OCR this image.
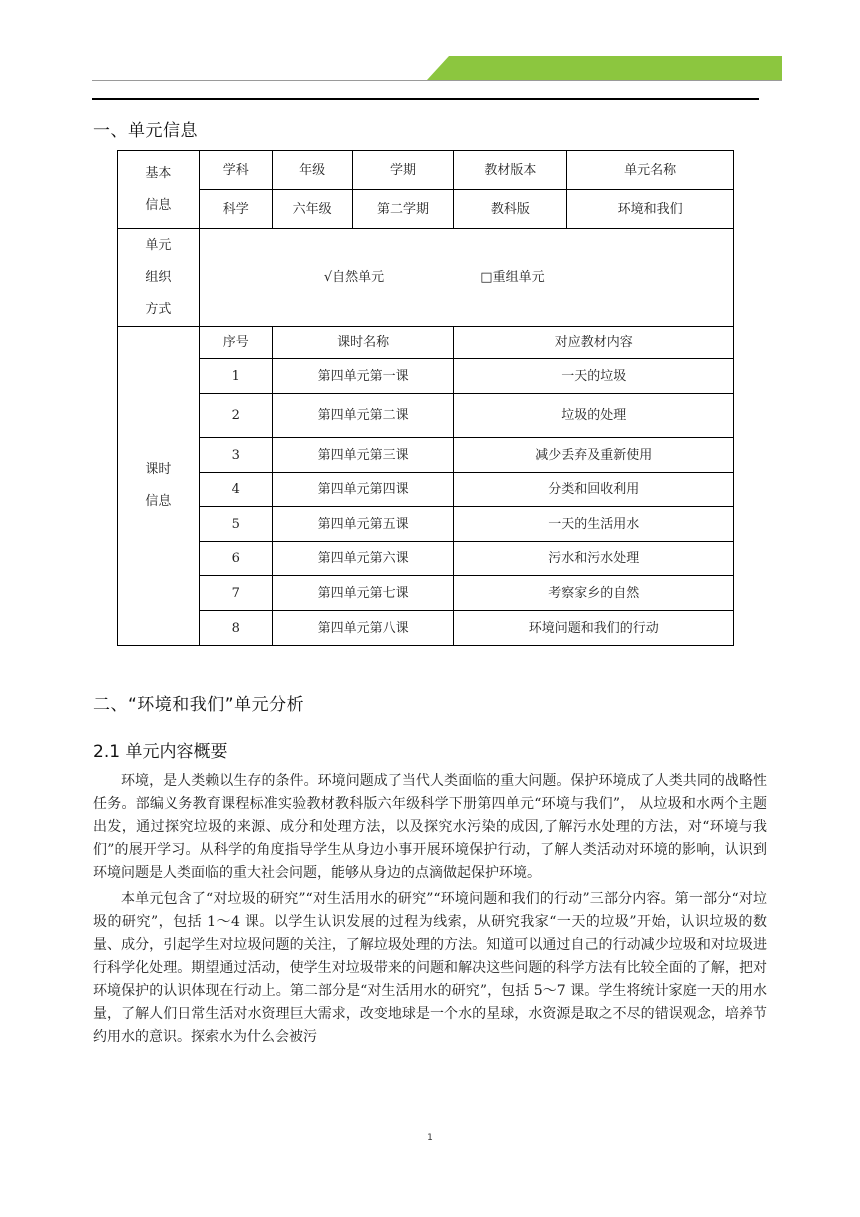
一、单元信息
基本
信息	学科	年级	学期	教材版本	单元名称
	科学	六年级	第二学期	教科版	环境和我们

单元
组织
方式	√自然单元 □重组单元				

课时
信息	序号	课时名称		对应教材内容	
	1	第四单元第一课		一天的垃圾	
	2	第四单元第二课		垃圾的处理	
	3	第四单元第三课		减少丢弃及重新使用	
	4	第四单元第四课		分类和回收利用	
	5	第四单元第五课		一天的生活用水	
	6	第四单元第六课		污水和污水处理	
	7	第四单元第七课		考察家乡的自然	
	8	第四单元第八课		环境问题和我们的行动	
二、“环境和我们”单元分析
2.1 单元内容概要

环境，是人类赖以生存的条件。环境问题成了当代人类面临的重大问题。保护环境成了人类共同的战略性任务。部编义务教育课程标准实验教材教科版六年级科学下册第四单元“环境与我们”， 从垃圾和水两个主题出发，通过探究垃圾的来源、成分和处理方法，以及探究水污染的成因,了解污水处理的方法，对“环境与我们”的展开学习。从科学的角度指导学生从身边小事开展环境保护行动，了解人类活动对环境的影响，认识到环境问题是人类面临的重大社会问题，能够从身边的点滴做起保护环境。

本单元包含了“对垃圾的研究”“对生活用水的研究”“环境问题和我们的行动”三部分内容。第一部分“对垃圾的研究”，包括 1～4 课。以学生认识发展的过程为线索，从研究我家“一天的垃圾”开始，认识垃圾的数量、成分，引起学生对垃圾问题的关注，了解垃圾处理的方法。知道可以通过自己的行动减少垃圾和对垃圾进行科学化处理。期望通过活动，使学生对垃圾带来的问题和解决这些问题的科学方法有比较全面的了解，把对环境保护的认识体现在行动上。第二部分是“对生活用水的研究”，包括 5～7 课。学生将统计家庭一天的用水量，了解人们日常生活对水资理巨大需求，改变地球是一个水的星球，水资源是取之不尽的错误观念，培养节约用水的意识。探索水为什么会被污

1
